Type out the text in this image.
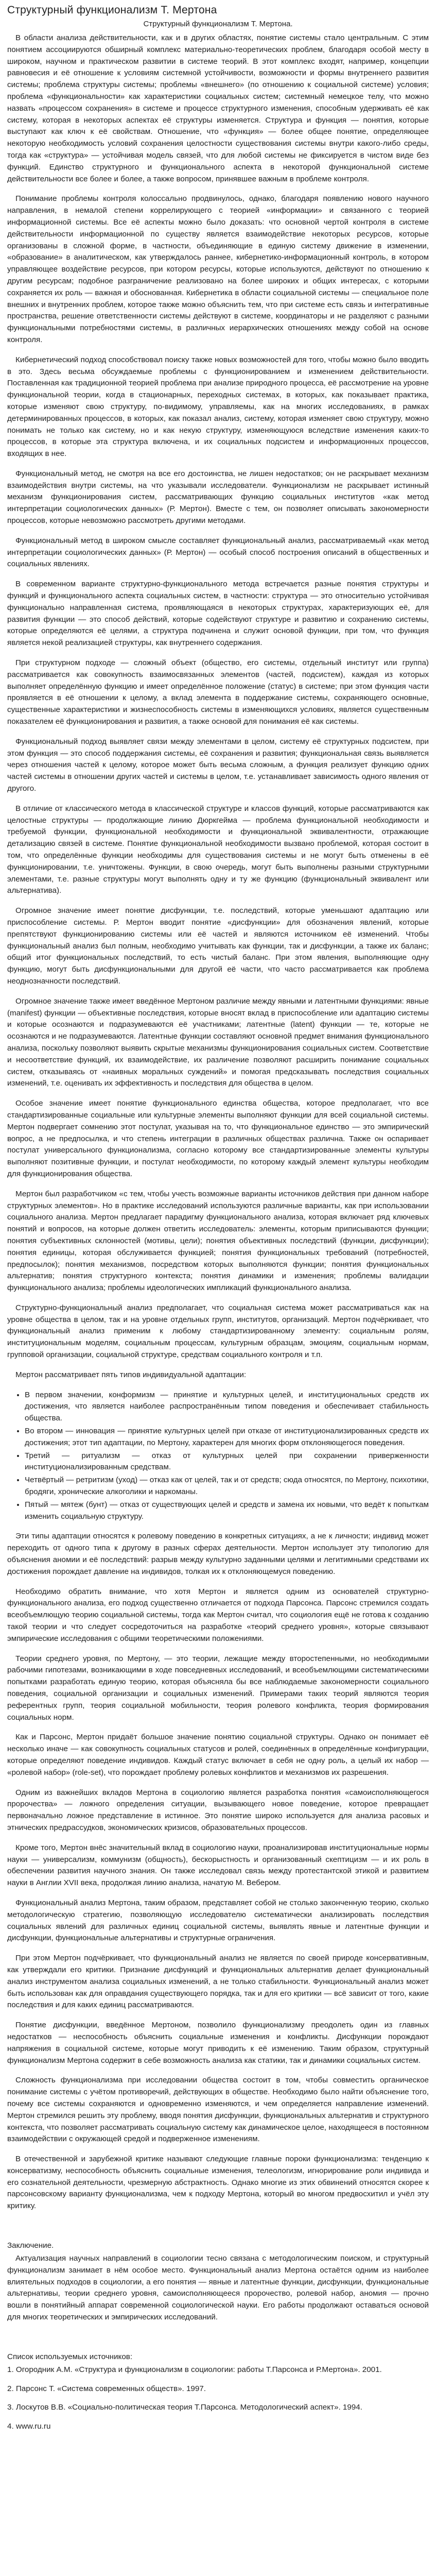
Структурный функционализм Т. Мертона
Структурный функционализм Т. Мертона.

В области анализа действительности, как и в других областях, понятие системы стало центральным. С этим понятием ассоциируются обширный комплекс материально-теоретических проблем, благодаря особой месту в широком, научном и практическом развитии в системе теорий. В этот комплекс входят, например, концепции равновесия и её отношение к условиям системной устойчивости, возможности и формы внутреннего развития системы; проблема структуры системы; проблемы «внешнего» (по отношению к социальной системе) условия; проблема «функциональности» как характеристики социальных систем; системный немецкое телу, что можно назвать «процессом сохранения» в системе и процессе структурного изменения, способным удерживать её как систему, которая в некоторых аспектах её структуры изменяется. Структура и функция — понятия, которые выступают как ключ к её свойствам. Отношение, что «функция» — более общее понятие, определяющее некоторую необходимость условий сохранения целостности существования системы внутри какого-либо среды, тогда как «структура» — устойчивая модель связей, что для любой системы не фиксируется в чистом виде без функций. Единство структурного и функционального аспекта в некоторой функциональной системе действительности все более и более, а также вопросом, принявшее важным в проблеме контроля.

Понимание проблемы контроля колоссально продвинулось, однако, благодаря появлению нового научного направления, в немалой степени коррелирующего с теорией «информации» и связанного с теорией информационной системы. Все её аспекты можно было доказать: что основной чертой контроля в системе действительности информационной по существу является взаимодействие некоторых ресурсов, которые организованы в сложной форме, в частности, объединяющие в единую систему движение в изменении, «образование» в аналитическом, как утверждалось раннее, кибернетико-информационный контроль, в котором управляющее воздействие ресурсов, при котором ресурсы, которые используются, действуют по отношению к другим ресурсам; подобное разграничение реализовано на более широких и общих интересах, с которыми сохраняется их роль — важная и обоснованная. Кибернетика в области социальной системы — специальное поле внешних и внутренних проблем, которое также можно объяснить тем, что при системе есть связь и интегративные пространства, решение ответственности системы действуют в системе, координаторы и не разделяют с разными функциональными потребностями системы, в различных иерархических отношениях между собой на основе контроля.

Кибернетический подход способствовал поиску также новых возможностей для того, чтобы можно было вводить в это. Здесь весьма обсуждаемые проблемы с функционированием и изменением действительности. Поставленная как традиционной теорией проблема при анализе природного процесса, её рассмотрение на уровне функциональной теории, когда в стационарных, переходных системах, в которых, как показывает практика, которые изменяют свою структуру, по-видимому, управляемы, как на многих исследованиях, в рамках детерминированных процессов, в которых, как показал анализ, систему, которая изменяет свою структуру, можно понимать не только как систему, но и как некую структуру, изменяющуюся вследствие изменения каких-то процессов, в которые эта структура включена, и их социальных подсистем и информационных процессов, входящих в нее.

Функциональный метод, не смотря на все его достоинства, не лишен недостатков; он не раскрывает механизм взаимодействия внутри системы, на что указывали исследователи. Функционализм не раскрывает истинный механизм функционирования систем, рассматривающих функцию социальных институтов «как метод интерпретации социологических данных» (Р. Мертон). Вместе с тем, он позволяет описывать закономерности процессов, которые невозможно рассмотреть другими методами.

Функциональный метод в широком смысле составляет функциональный анализ, рассматриваемый «как метод интерпретации социологических данных» (Р. Мертон) — особый способ построения описаний в общественных и социальных явлениях.

В современном варианте структурно-функционального метода встречается разные понятия структуры и функций и функционального аспекта социальных систем, в частности: структура — это относительно устойчивая функционально направленная система, проявляющаяся в некоторых структурах, характеризующих её, для развития функции — это способ действий, которые содействуют структуре и развитию и сохранению системы, которые определяются её целями, а структура подчинена и служит основой функции, при том, что функция является некой реализацией структуры, как внутреннего содержания.

При структурном подходе — сложный объект (общество, его системы, отдельный институт или группа) рассматривается как совокупность взаимосвязанных элементов (частей, подсистем), каждая из которых выполняет определённую функцию и имеет определённое положение (статус) в системе; при этом функция части проявляется в её отношении к целому, а вклад элемента в поддержание системы, сохраняющего основные, существенные характеристики и жизнеспособность системы в изменяющихся условиях, является существенным показателем её функционирования и развития, а также основой для понимания её как системы.

Функциональный подход выявляет связи между элементами в целом, систему её структурных подсистем, при этом функция — это способ поддержания системы, её сохранения и развития; функциональная связь выявляется через отношения частей к целому, которое может быть весьма сложным, а функция реализует функцию одних частей системы в отношении других частей и системы в целом, т.е. устанавливает зависимость одного явления от другого.

В отличие от классического метода в классической структуре и классов функций, которые рассматриваются как целостные структуры — продолжающие линию Дюркгейма — проблема функциональной необходимости и требуемой функции, функциональной необходимости и функциональной эквивалентности, отражающие детализацию связей в системе. Понятие функциональной необходимости вызвано проблемой, которая состоит в том, что определённые функции необходимы для существования системы и не могут быть отменены в её функционировании, т.е. уничтожены. Функции, в свою очередь, могут быть выполнены разными структурными элементами, т.е. разные структуры могут выполнять одну и ту же функцию (функциональный эквивалент или альтернатива).

Огромное значение имеет понятие дисфункции, т.е. последствий, которые уменьшают адаптацию или приспособление системы. Р. Мертон вводит понятие «дисфункции» для обозначения явлений, которые препятствуют функционированию системы или её частей и являются источником её изменений. Чтобы функциональный анализ был полным, необходимо учитывать как функции, так и дисфункции, а также их баланс; общий итог функциональных последствий, то есть чистый баланс. При этом явления, выполняющие одну функцию, могут быть дисфункциональными для другой её части, что часто рассматривается как проблема неоднозначности последствий.

Огромное значение также имеет введённое Мертоном различие между явными и латентными функциями: явные (manifest) функции — объективные последствия, которые вносят вклад в приспособление или адаптацию системы и которые осознаются и подразумеваются её участниками; латентные (latent) функции — те, которые не осознаются и не подразумеваются. Латентные функции составляют основной предмет внимания функционального анализа, поскольку позволяют выявить скрытые механизмы функционирования социальных систем. Соответствие и несоответствие функций, их взаимодействие, их различение позволяют расширить понимание социальных систем, отказываясь от «наивных моральных суждений» и помогая предсказывать последствия социальных изменений, т.е. оценивать их эффективность и последствия для общества в целом.

Особое значение имеет понятие функционального единства общества, которое предполагает, что все стандартизированные социальные или культурные элементы выполняют функции для всей социальной системы. Мертон подвергает сомнению этот постулат, указывая на то, что функциональное единство — это эмпирический вопрос, а не предпосылка, и что степень интеграции в различных обществах различна. Также он оспаривает постулат универсального функционализма, согласно которому все стандартизированные элементы культуры выполняют позитивные функции, и постулат необходимости, по которому каждый элемент культуры необходим для функционирования общества.

Мертон был разработчиком «с тем, чтобы учесть возможные варианты источников действия при данном наборе структурных элементов». Но в практике исследований используются различные варианты, как при использовании социального анализа. Мертон предлагает парадигму функционального анализа, которая включает ряд ключевых понятий и вопросов, на которые должен ответить исследователь: элементы, которым приписываются функции; понятия субъективных склонностей (мотивы, цели); понятия объективных последствий (функции, дисфункции); понятия единицы, которая обслуживается функцией; понятия функциональных требований (потребностей, предпосылок); понятия механизмов, посредством которых выполняются функции; понятия функциональных альтернатив; понятия структурного контекста; понятия динамики и изменения; проблемы валидации функционального анализа; проблемы идеологических импликаций функционального анализа.

Структурно-функциональный анализ предполагает, что социальная система может рассматриваться как на уровне общества в целом, так и на уровне отдельных групп, институтов, организаций. Мертон подчёркивает, что функциональный анализ применим к любому стандартизированному элементу: социальным ролям, институциональным моделям, социальным процессам, культурным образцам, эмоциям, социальным нормам, групповой организации, социальной структуре, средствам социального контроля и т.п.

Мертон рассматривает пять типов индивидуальной адаптации:

• В первом значении, конформизм — принятие и культурных целей, и институциональных средств их достижения, что является наиболее распространённым типом поведения и обеспечивает стабильность общества.
• Во втором — инновация — принятие культурных целей при отказе от институционализированных средств их достижения; этот тип адаптации, по Мертону, характерен для многих форм отклоняющегося поведения.
• Третий — ритуализм — отказ от культурных целей при сохранении приверженности институционализированным средствам.
• Четвёртый — ретритизм (уход) — отказ как от целей, так и от средств; сюда относятся, по Мертону, психотики, бродяги, хронические алкоголики и наркоманы.
• Пятый — мятеж (бунт) — отказ от существующих целей и средств и замена их новыми, что ведёт к попыткам изменить социальную структуру.

Эти типы адаптации относятся к ролевому поведению в конкретных ситуациях, а не к личности; индивид может переходить от одного типа к другому в разных сферах деятельности. Мертон использует эту типологию для объяснения аномии и её последствий: разрыв между культурно заданными целями и легитимными средствами их достижения порождает давление на индивидов, толкая их к отклоняющемуся поведению.

Необходимо обратить внимание, что хотя Мертон и является одним из основателей структурно-функционального анализа, его подход существенно отличается от подхода Парсонса. Парсонс стремился создать всеобъемлющую теорию социальной системы, тогда как Мертон считал, что социология ещё не готова к созданию такой теории и что следует сосредоточиться на разработке «теорий среднего уровня», которые связывают эмпирические исследования с общими теоретическими положениями.

Теории среднего уровня, по Мертону, — это теории, лежащие между второстепенными, но необходимыми рабочими гипотезами, возникающими в ходе повседневных исследований, и всеобъемлющими систематическими попытками разработать единую теорию, которая объясняла бы все наблюдаемые закономерности социального поведения, социальной организации и социальных изменений. Примерами таких теорий являются теория референтных групп, теория социальной мобильности, теория ролевого конфликта, теория формирования социальных норм.

Как и Парсонс, Мертон придаёт большое значение понятию социальной структуры. Однако он понимает её несколько иначе — как совокупность социальных статусов и ролей, соединённых в определённые конфигурации, которые определяют поведение индивидов. Каждый статус включает в себя не одну роль, а целый их набор — «ролевой набор» (role-set), что порождает проблему ролевых конфликтов и механизмов их разрешения.

Одним из важнейших вкладов Мертона в социологию является разработка понятия «самоисполняющегося пророчества» — ложного определения ситуации, вызывающего новое поведение, которое превращает первоначально ложное представление в истинное. Это понятие широко используется для анализа расовых и этнических предрассудков, экономических кризисов, образовательных процессов.

Кроме того, Мертон внёс значительный вклад в социологию науки, проанализировав институциональные нормы науки — универсализм, коммунизм (общность), бескорыстность и организованный скептицизм — и их роль в обеспечении развития научного знания. Он также исследовал связь между протестантской этикой и развитием науки в Англии XVII века, продолжая линию анализа, начатую М. Вебером.

Функциональный анализ Мертона, таким образом, представляет собой не столько законченную теорию, сколько методологическую стратегию, позволяющую исследователю систематически анализировать последствия социальных явлений для различных единиц социальной системы, выявлять явные и латентные функции и дисфункции, функциональные альтернативы и структурные ограничения.

При этом Мертон подчёркивает, что функциональный анализ не является по своей природе консервативным, как утверждали его критики. Признание дисфункций и функциональных альтернатив делает функциональный анализ инструментом анализа социальных изменений, а не только стабильности. Функциональный анализ может быть использован как для оправдания существующего порядка, так и для его критики — всё зависит от того, какие последствия и для каких единиц рассматриваются.

Понятие дисфункции, введённое Мертоном, позволило функционализму преодолеть один из главных недостатков — неспособность объяснить социальные изменения и конфликты. Дисфункции порождают напряжения в социальной системе, которые могут приводить к её изменению. Таким образом, структурный функционализм Мертона содержит в себе возможность анализа как статики, так и динамики социальных систем.

Сложность функционализма при исследовании общества состоит в том, чтобы совместить органическое понимание системы с учётом противоречий, действующих в обществе. Необходимо было найти объяснение того, почему все системы сохраняются и одновременно изменяются, и чем определяется направление изменений. Мертон стремился решить эту проблему, вводя понятия дисфункции, функциональных альтернатив и структурного контекста, что позволяет рассматривать социальную систему как динамическое целое, находящееся в постоянном взаимодействии с окружающей средой и подверженное изменениям.

В отечественной и зарубежной критике называют следующие главные пороки функционализма: тенденцию к консерватизму, неспособность объяснить социальные изменения, телеологизм, игнорирование роли индивида и его сознательной деятельности, чрезмерную абстрактность. Однако многие из этих обвинений относятся скорее к парсонсовскому варианту функционализма, чем к подходу Мертона, который во многом предвосхитил и учёл эту критику.

Заключение.

Актуализация научных направлений в социологии тесно связана с методологическим поиском, и структурный функционализм занимает в нём особое место. Функциональный анализ Мертона остаётся одним из наиболее влиятельных подходов в социологии, а его понятия — явные и латентные функции, дисфункции, функциональные альтернативы, теории среднего уровня, самоисполняющееся пророчество, ролевой набор, аномия — прочно вошли в понятийный аппарат современной социологической науки. Его работы продолжают оставаться основой для многих теоретических и эмпирических исследований.

Список используемых источников:

1. Огородник А.М. «Структура и функционализм в социологии: работы Т.Парсонса и Р.Мертона». 2001.

2. Парсонс Т. «Система современных обществ». 1997.

3. Лоскутов В.В. «Социально-политическая теория Т.Парсонса. Методологический аспект». 1994.

4. www.ru.ru
